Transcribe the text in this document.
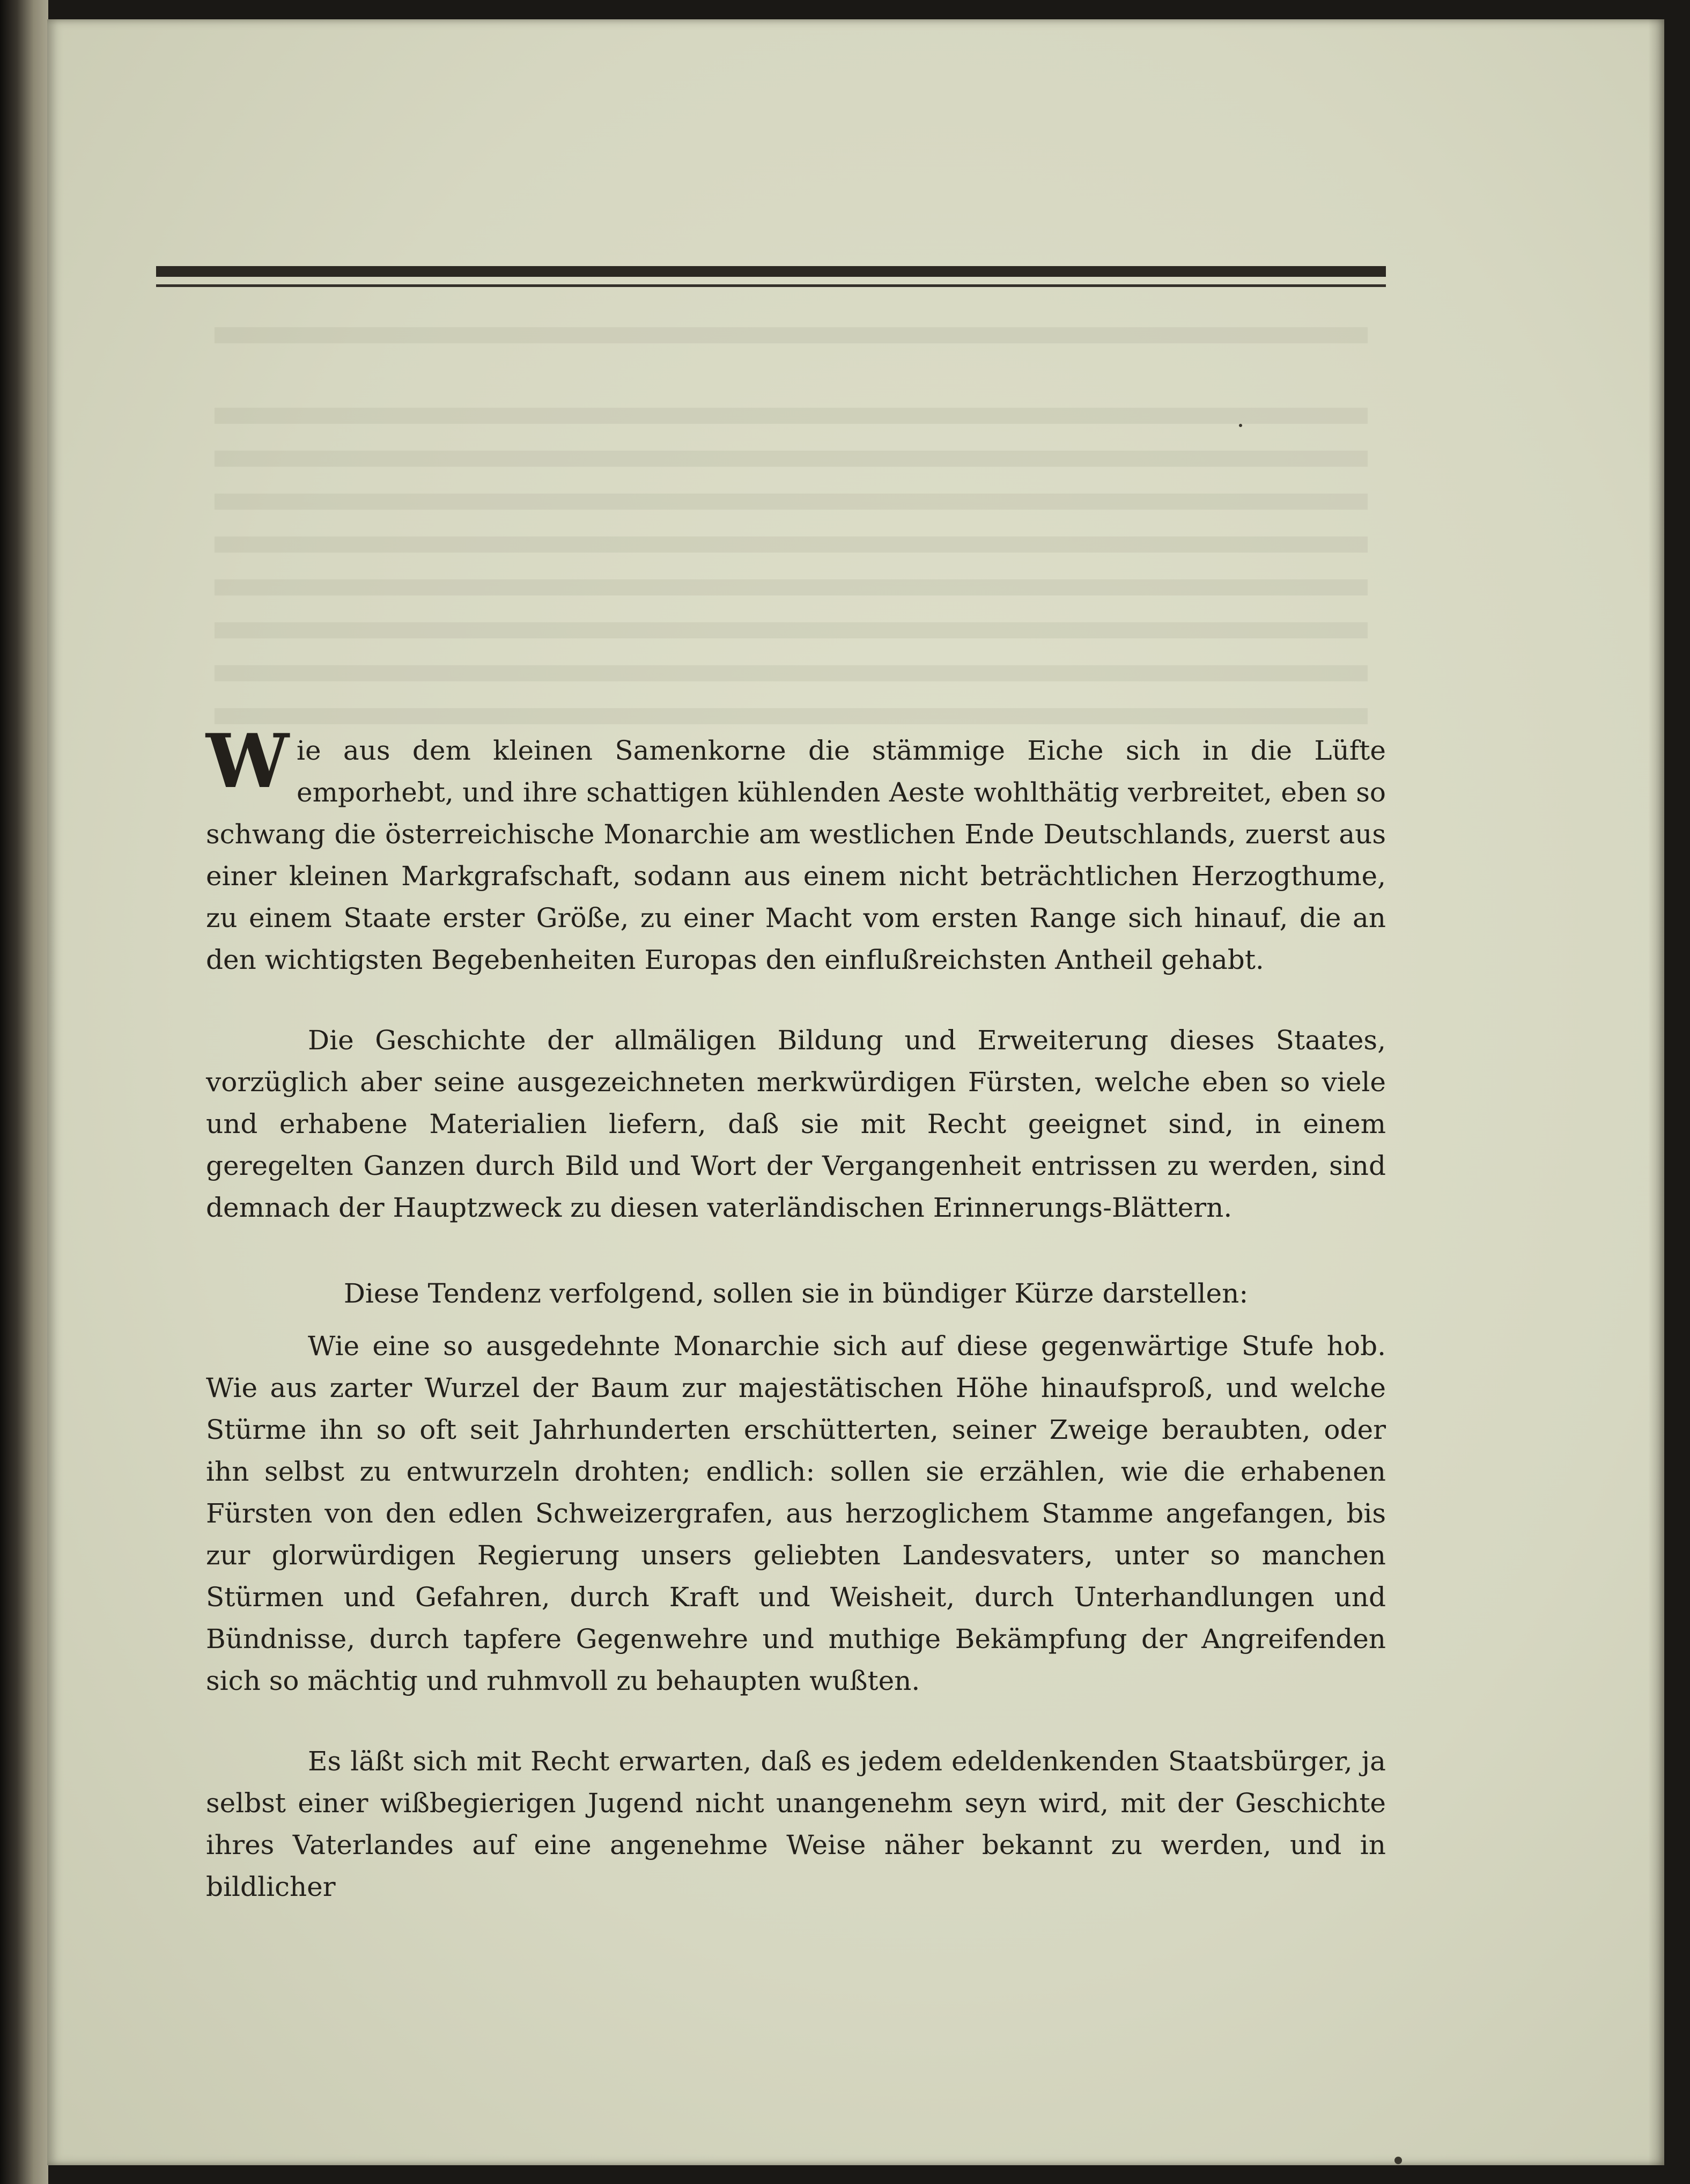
Wie aus dem kleinen Samenkorne die stämmige Eiche sich in die Lüfte emporhebt, und ihre schattigen kühlenden Aeste wohlthätig verbreitet, eben so schwang die österreichische Monarchie am westlichen Ende Deutschlands, zuerst aus einer kleinen Markgrafschaft, sodann aus einem nicht beträchtlichen Herzogthume, zu einem Staate erster Größe, zu einer Macht vom ersten Range sich hinauf, die an den wichtigsten Begebenheiten Europas den einflußreichsten Antheil gehabt.

Die Geschichte der allmäligen Bildung und Erweiterung dieses Staates, vorzüglich aber seine ausgezeichneten merkwürdigen Fürsten, welche eben so viele und erhabene Materialien liefern, daß sie mit Recht geeignet sind, in einem geregelten Ganzen durch Bild und Wort der Vergangenheit entrissen zu werden, sind demnach der Hauptzweck zu diesen vaterländischen Erinnerungs-Blättern.

Diese Tendenz verfolgend, sollen sie in bündiger Kürze darstellen:

Wie eine so ausgedehnte Monarchie sich auf diese gegenwärtige Stufe hob. Wie aus zarter Wurzel der Baum zur majestätischen Höhe hinaufsproß, und welche Stürme ihn so oft seit Jahrhunderten erschütterten, seiner Zweige beraubten, oder ihn selbst zu entwurzeln drohten; endlich: sollen sie erzählen, wie die erhabenen Fürsten von den edlen Schweizergrafen, aus herzoglichem Stamme angefangen, bis zur glorwürdigen Regierung unsers geliebten Landesvaters, unter so manchen Stürmen und Gefahren, durch Kraft und Weisheit, durch Unterhandlungen und Bündnisse, durch tapfere Gegenwehre und muthige Bekämpfung der Angreifenden sich so mächtig und ruhmvoll zu behaupten wußten.

Es läßt sich mit Recht erwarten, daß es jedem edeldenkenden Staatsbürger, ja selbst einer wißbegierigen Jugend nicht unangenehm seyn wird, mit der Geschichte ihres Vaterlandes auf eine angenehme Weise näher bekannt zu werden, und in bildlicher
